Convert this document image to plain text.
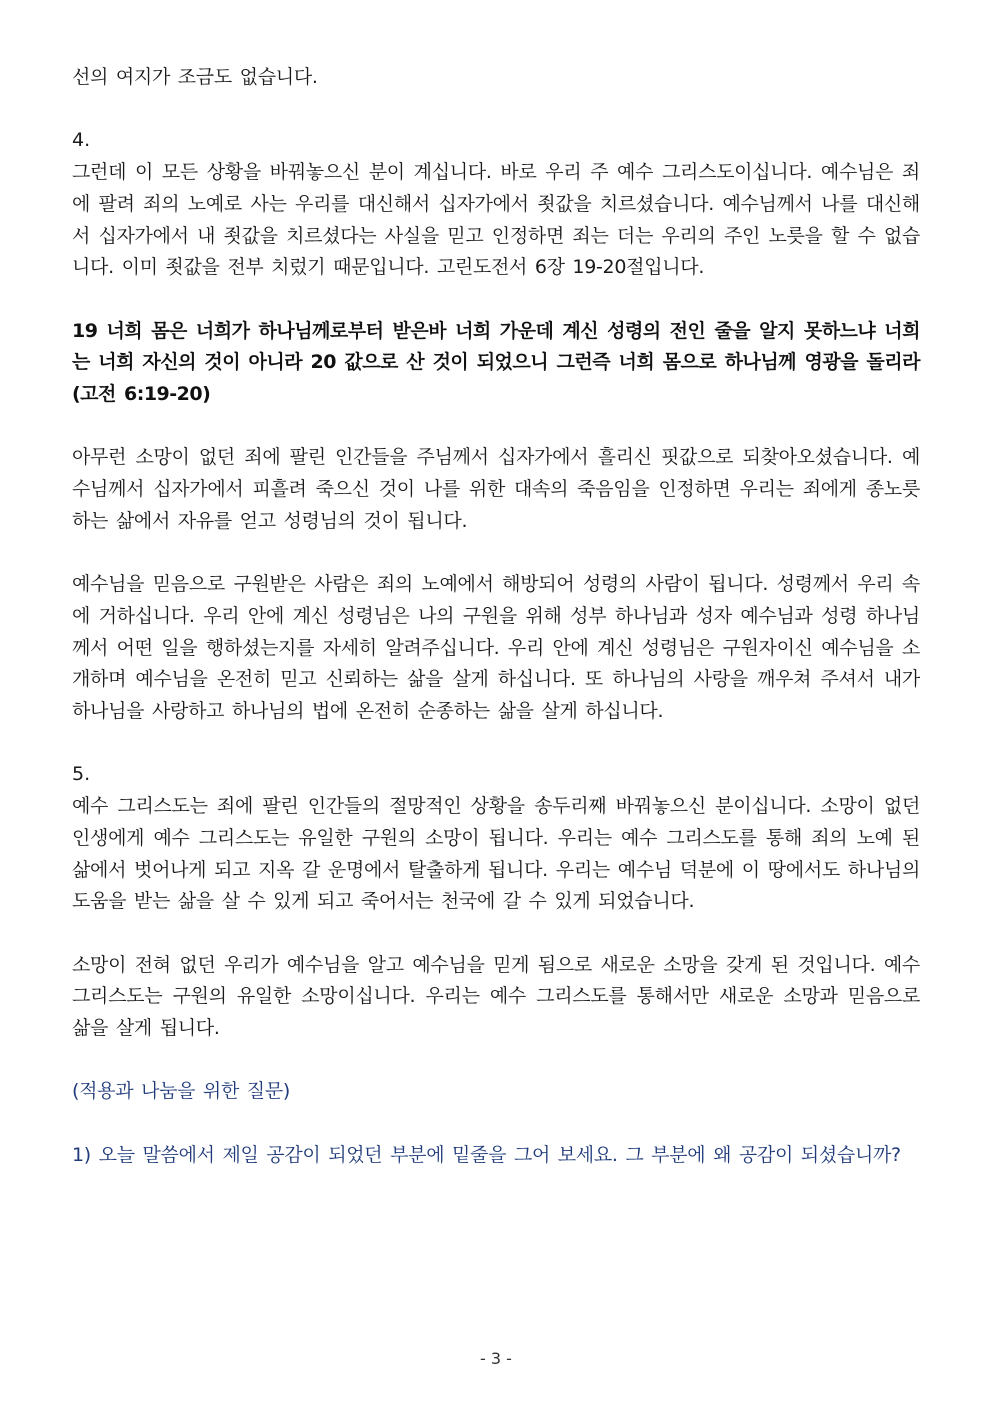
선의 여지가 조금도 없습니다.

4.

그런데 이 모든 상황을 바꿔놓으신 분이 계십니다. 바로 우리 주 예수 그리스도이십니다. 예수님은 죄에 팔려 죄의 노예로 사는 우리를 대신해서 십자가에서 죗값을 치르셨습니다. 예수님께서 나를 대신해서 십자가에서 내 죗값을 치르셨다는 사실을 믿고 인정하면 죄는 더는 우리의 주인 노릇을 할 수 없습니다. 이미 죗값을 전부 치렀기 때문입니다. 고린도전서 6장 19-20절입니다.

19 너희 몸은 너희가 하나님께로부터 받은바 너희 가운데 계신 성령의 전인 줄을 알지 못하느냐 너희는 너희 자신의 것이 아니라 20 값으로 산 것이 되었으니 그런즉 너희 몸으로 하나님께 영광을 돌리라 (고전 6:19-20)

아무런 소망이 없던 죄에 팔린 인간들을 주님께서 십자가에서 흘리신 핏값으로 되찾아오셨습니다. 예수님께서 십자가에서 피흘려 죽으신 것이 나를 위한 대속의 죽음임을 인정하면 우리는 죄에게 종노릇하는 삶에서 자유를 얻고 성령님의 것이 됩니다.

예수님을 믿음으로 구원받은 사람은 죄의 노예에서 해방되어 성령의 사람이 됩니다. 성령께서 우리 속에 거하십니다. 우리 안에 계신 성령님은 나의 구원을 위해 성부 하나님과 성자 예수님과 성령 하나님께서 어떤 일을 행하셨는지를 자세히 알려주십니다. 우리 안에 계신 성령님은 구원자이신 예수님을 소개하며 예수님을 온전히 믿고 신뢰하는 삶을 살게 하십니다. 또 하나님의 사랑을 깨우쳐 주셔서 내가 하나님을 사랑하고 하나님의 법에 온전히 순종하는 삶을 살게 하십니다.

5.

예수 그리스도는 죄에 팔린 인간들의 절망적인 상황을 송두리째 바꿔놓으신 분이십니다. 소망이 없던 인생에게 예수 그리스도는 유일한 구원의 소망이 됩니다. 우리는 예수 그리스도를 통해 죄의 노예 된 삶에서 벗어나게 되고 지옥 갈 운명에서 탈출하게 됩니다. 우리는 예수님 덕분에 이 땅에서도 하나님의 도움을 받는 삶을 살 수 있게 되고 죽어서는 천국에 갈 수 있게 되었습니다.

소망이 전혀 없던 우리가 예수님을 알고 예수님을 믿게 됨으로 새로운 소망을 갖게 된 것입니다. 예수 그리스도는 구원의 유일한 소망이십니다. 우리는 예수 그리스도를 통해서만 새로운 소망과 믿음으로 삶을 살게 됩니다.

(적용과 나눔을 위한 질문)

1) 오늘 말씀에서 제일 공감이 되었던 부분에 밑줄을 그어 보세요. 그 부분에 왜 공감이 되셨습니까?

- 3 -
